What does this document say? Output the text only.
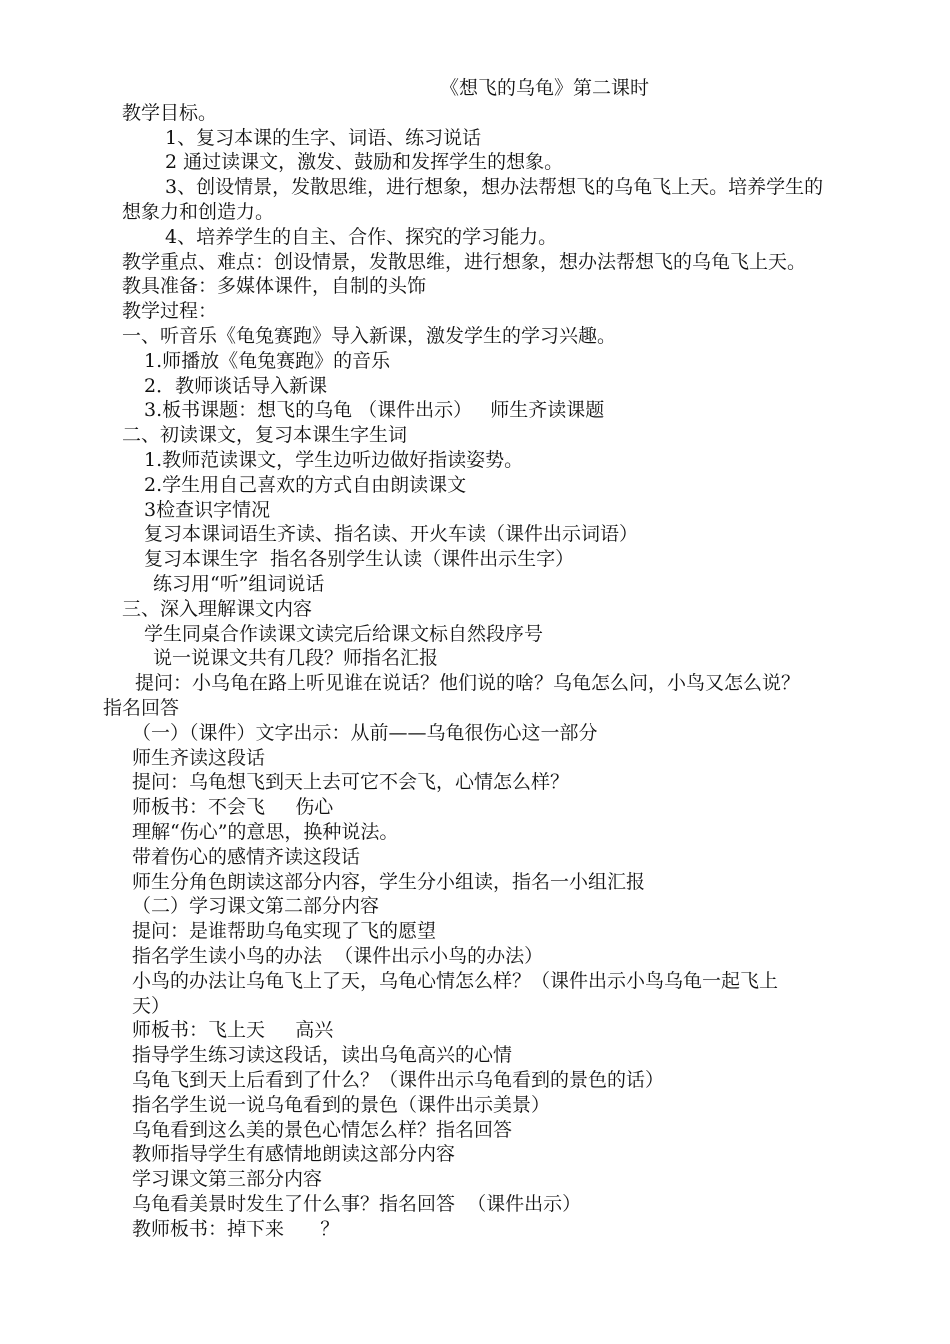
《想飞的乌龟》第二课时
教学目标。
1、复习本课的生字、词语、练习说话
2 通过读课文，激发、鼓励和发挥学生的想象。
3、创设情景，发散思维，进行想象，想办法帮想飞的乌龟飞上天。培养学生的
想象力和创造力。
4、培养学生的自主、合作、探究的学习能力。
教学重点、难点：创设情景，发散思维，进行想象，想办法帮想飞的乌龟飞上天。
教具准备：多媒体课件，自制的头饰
教学过程：
一、听音乐《龟兔赛跑》导入新课，激发学生的学习兴趣。
1.师播放《龟兔赛跑》的音乐
2．教师谈话导入新课
3.板书课题：想飞的乌龟 （课件出示）   师生齐读课题
二、初读课文，复习本课生字生词
1.教师范读课文，学生边听边做好指读姿势。
2.学生用自己喜欢的方式自由朗读课文
3检查识字情况
复习本课词语生齐读、指名读、开火车读（课件出示词语）
复习本课生字  指名各别学生认读（课件出示生字）
练习用“听”组词说话
三、深入理解课文内容
学生同桌合作读课文读完后给课文标自然段序号
说一说课文共有几段？师指名汇报
提问：小乌龟在路上听见谁在说话？他们说的啥？乌龟怎么问，小鸟又怎么说？
指名回答
（一）（课件）文字出示：从前——乌龟很伤心这一部分
师生齐读这段话
提问：乌龟想飞到天上去可它不会飞，心情怎么样？
师板书：不会飞     伤心
理解“伤心”的意思，换种说法。
带着伤心的感情齐读这段话
师生分角色朗读这部分内容，学生分小组读，指名一小组汇报
（二）学习课文第二部分内容
提问：是谁帮助乌龟实现了飞的愿望
指名学生读小鸟的办法  （课件出示小鸟的办法）
小鸟的办法让乌龟飞上了天，乌龟心情怎么样？（课件出示小鸟乌龟一起飞上
天）
师板书：飞上天     高兴
指导学生练习读这段话，读出乌龟高兴的心情
乌龟飞到天上后看到了什么？（课件出示乌龟看到的景色的话）
指名学生说一说乌龟看到的景色（课件出示美景）
乌龟看到这么美的景色心情怎么样？指名回答
教师指导学生有感情地朗读这部分内容
学习课文第三部分内容
乌龟看美景时发生了什么事？指名回答  （课件出示）
教师板书：掉下来      ？
